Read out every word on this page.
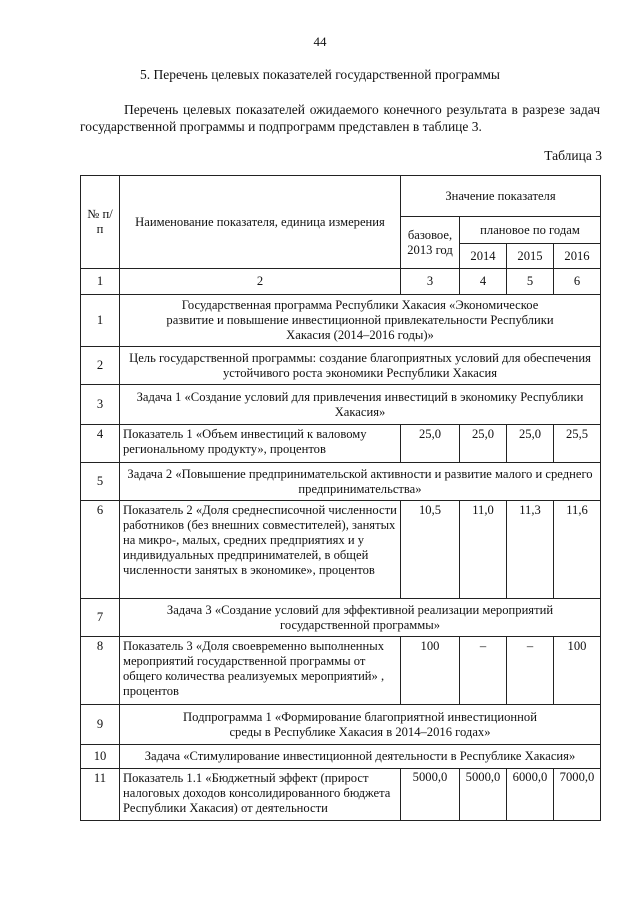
44
5. Перечень целевых показателей государственной программы
Перечень целевых показателей ожидаемого конечного результата в разрезе задач государственной программы и подпрограмм представлен в таблице 3.
Таблица 3
№ п/п	Наименование показателя, единица измерения	Значение показателя			
		базовое, 2013 год	плановое по годам		
			2014	2015	2016
1	2	3	4	5	6
1	Государственная программа Республики Хакасия «Экономическое развитие и повышение инвестиционной привлекательности Республики Хакасия (2014–2016 годы)»				
2	Цель государственной программы: создание благоприятных условий для обеспечения устойчивого роста экономики Республики Хакасия				
3	Задача 1 «Создание условий для привлечения инвестиций в экономику Республики Хакасия»				
4	Показатель 1 «Объем инвестиций к валовому региональному продукту», процентов	25,0	25,0	25,0	25,5
5	Задача 2 «Повышение предпринимательской активности и развитие малого и среднего предпринимательства»				
6	Показатель 2 «Доля среднесписочной численности работников (без внешних совместителей), занятых на микро-, малых, средних предприятиях и у индивидуальных предпринимателей, в общей численности занятых в экономике», процентов	10,5	11,0	11,3	11,6
7	Задача 3 «Создание условий для эффективной реализации мероприятий государственной программы»				
8	Показатель 3 «Доля своевременно выполненных мероприятий государственной программы от общего количества реализуемых мероприятий» , процентов	100	–	–	100
9	Подпрограмма 1 «Формирование благоприятной инвестиционной среды в Республике Хакасия в 2014–2016 годах»				
10	Задача «Стимулирование инвестиционной деятельности в Республике Хакасия»				
11	Показатель 1.1 «Бюджетный эффект (прирост налоговых доходов консолидированного бюджета Республики Хакасия) от деятельности	5000,0	5000,0	6000,0	7000,0
